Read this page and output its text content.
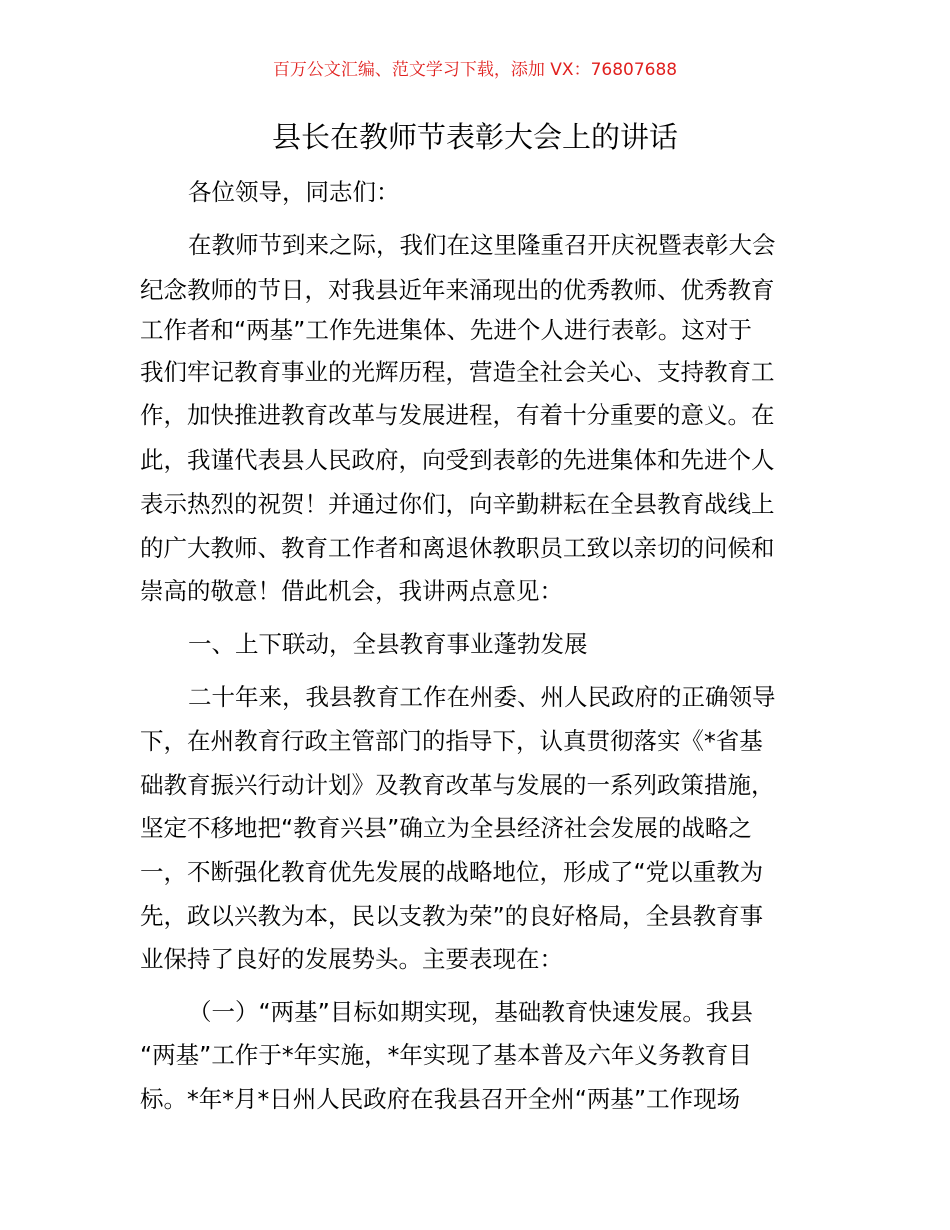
百万公文汇编、范文学习下载，添加 VX：76807688
县长在教师节表彰大会上的讲话
各位领导，同志们：
在教师节到来之际，我们在这里隆重召开庆祝暨表彰大会
纪念教师的节日，对我县近年来涌现出的优秀教师、优秀教育
工作者和“两基”工作先进集体、先进个人进行表彰。这对于
我们牢记教育事业的光辉历程，营造全社会关心、支持教育工
作，加快推进教育改革与发展进程，有着十分重要的意义。在
此，我谨代表县人民政府，向受到表彰的先进集体和先进个人
表示热烈的祝贺！并通过你们，向辛勤耕耘在全县教育战线上
的广大教师、教育工作者和离退休教职员工致以亲切的问候和
崇高的敬意！借此机会，我讲两点意见：
一、上下联动，全县教育事业蓬勃发展
二十年来，我县教育工作在州委、州人民政府的正确领导
下，在州教育行政主管部门的指导下，认真贯彻落实《*省基
础教育振兴行动计划》及教育改革与发展的一系列政策措施，
坚定不移地把“教育兴县”确立为全县经济社会发展的战略之
一，不断强化教育优先发展的战略地位，形成了“党以重教为
先，政以兴教为本，民以支教为荣”的良好格局，全县教育事
业保持了良好的发展势头。主要表现在：
（一）“两基”目标如期实现，基础教育快速发展。我县
“两基”工作于*年实施，*年实现了基本普及六年义务教育目
标。*年*月*日州人民政府在我县召开全州“两基”工作现场
